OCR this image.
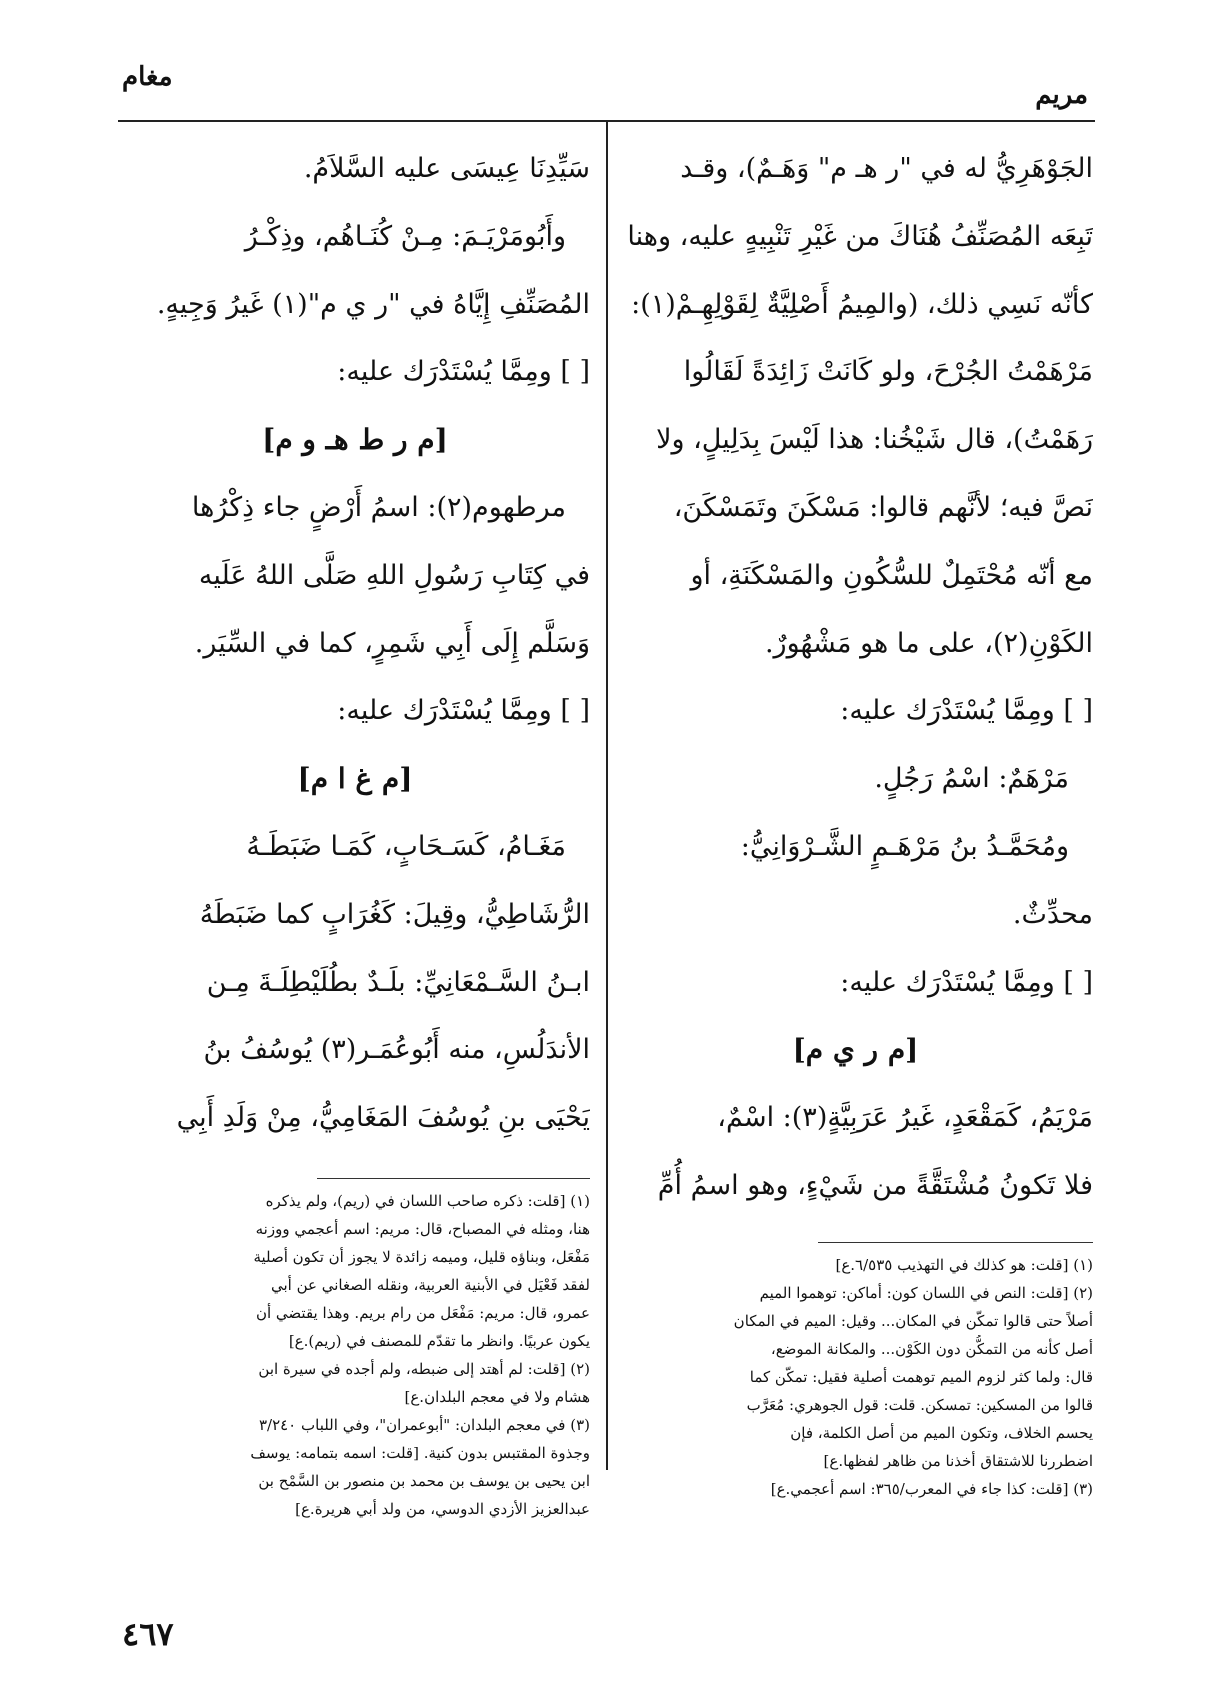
مغام
مريم
الجَوْهَرِيُّ له في "ر هـ م" وَهَـمٌ)، وقـد
تَبِعَه المُصَنِّفُ هُنَاكَ من غَيْرِ تَنْبِيهٍ عليه، وهنا
كأنّه نَسِي ذلك، (والمِيمُ أَصْلِيَّةٌ لِقَوْلِهِـمْ(١):
مَرْهَمْتُ الجُرْحَ، ولو كَانَتْ زَائِدَةً لَقَالُوا
رَهَمْتُ)، قال شَيْخُنا: هذا لَيْسَ بِدَلِيلٍ، ولا
نَصَّ فيه؛ لأنَّهم قالوا: مَسْكَنَ وتَمَسْكَنَ،
مع أنّه مُحْتَمِلٌ للسُّكُونِ والمَسْكَنَةِ، أو
الكَوْنِ(٢)، على ما هو مَشْهُورٌ.
[ ] ومِمَّا يُسْتَدْرَك عليه:
مَرْهَمٌ: اسْمُ رَجُلٍ.
ومُحَمَّـدُ بنُ مَرْهَـمٍ الشَّـرْوَانِيُّ:
محدِّثٌ.
[ ] ومِمَّا يُسْتَدْرَك عليه:
[م ر ي م]
مَرْيَمُ، كَمَقْعَدٍ، غَيرُ عَرَبِيَّةٍ(٣): اسْمٌ،
فلا تَكونُ مُشْتَقَّةً من شَيْءٍ، وهو اسمُ أُمِّ
(١) [قلت: هو كذلك في التهذيب ٦/٥٣٥.ع]
(٢) [قلت: النص في اللسان كون: أماكن: توهموا الميم
أصلاً حتى قالوا تمكّن في المكان... وقيل: الميم في المكان
أصل كأنه من التمكُّن دون الكَوْن... والمكانة الموضع،
قال: ولما كثر لزوم الميم توهمت أصلية فقيل: تمكّن كما
قالوا من المسكين: تمسكن. قلت: قول الجوهري: مُعَرَّب
يحسم الخلاف، وتكون الميم من أصل الكلمة، فإن
اضطررنا للاشتقاق أخذنا من ظاهر لفظها.ع]
(٣) [قلت: كذا جاء في المعرب/٣٦٥: اسم أعجمي.ع]
سَيِّدِنَا عِيسَى عليه السَّلاَمُ.
وأَبُومَرْيَـمَ: مِـنْ كُنَـاهُم، وذِكْـرُ
المُصَنِّفِ إِيَّاهُ في "ر ي م"(١) غَيرُ وَجِيهٍ.
[ ] ومِمَّا يُسْتَدْرَك عليه:
[م ر ط هـ و م]
مرطهوم(٢): اسمُ أَرْضٍ جاء ذِكْرُها
في كِتَابِ رَسُولِ اللهِ صَلَّى اللهُ عَلَيه
وَسَلَّم إِلَى أَبِي شَمِرٍ، كما في السِّيَر.
[ ] ومِمَّا يُسْتَدْرَك عليه:
[م غ ا م]
مَغَـامُ، كَسَـحَابٍ، كَمَـا ضَبَطَـهُ
الرُّشَاطِيُّ، وقِيلَ: كَغُرَابٍ كما ضَبَطَهُ
ابـنُ السَّـمْعَانِيِّ: بلَـدٌ بطُلَيْطِلَـةَ مِـن
الأندَلُسِ، منه أَبُوعُمَـر(٣) يُوسُفُ بنُ
يَحْيَى بنِ يُوسُفَ المَغَامِيُّ، مِنْ وَلَدِ أَبِي
(١) [قلت: ذكره صاحب اللسان في (ريم)، ولم يذكره
هنا، ومثله في المصباح، قال: مريم: اسم أعجمي ووزنه
مَفْعَل، وبناؤه قليل، وميمه زائدة لا يجوز أن تكون أصلية
لفقد فَعْيَل في الأبنية العربية، ونقله الصغاني عن أبي
عمرو، قال: مريم: مَفْعَل من رام بريم. وهذا يقتضي أن
يكون عربيًا. وانظر ما تقدّم للمصنف في (ريم).ع]
(٢) [قلت: لم أهتد إلى ضبطه، ولم أجده في سيرة ابن
هشام ولا في معجم البلدان.ع]
(٣) في معجم البلدان: "أبوعمران"، وفي اللباب ٣/٢٤٠
وجذوة المقتبس بدون كنية. [قلت: اسمه بتمامه: يوسف
ابن يحيى بن يوسف بن محمد بن منصور بن السَّمْح بن
عبدالعزيز الأزدي الدوسي، من ولد أبي هريرة.ع]
٤٦٧
